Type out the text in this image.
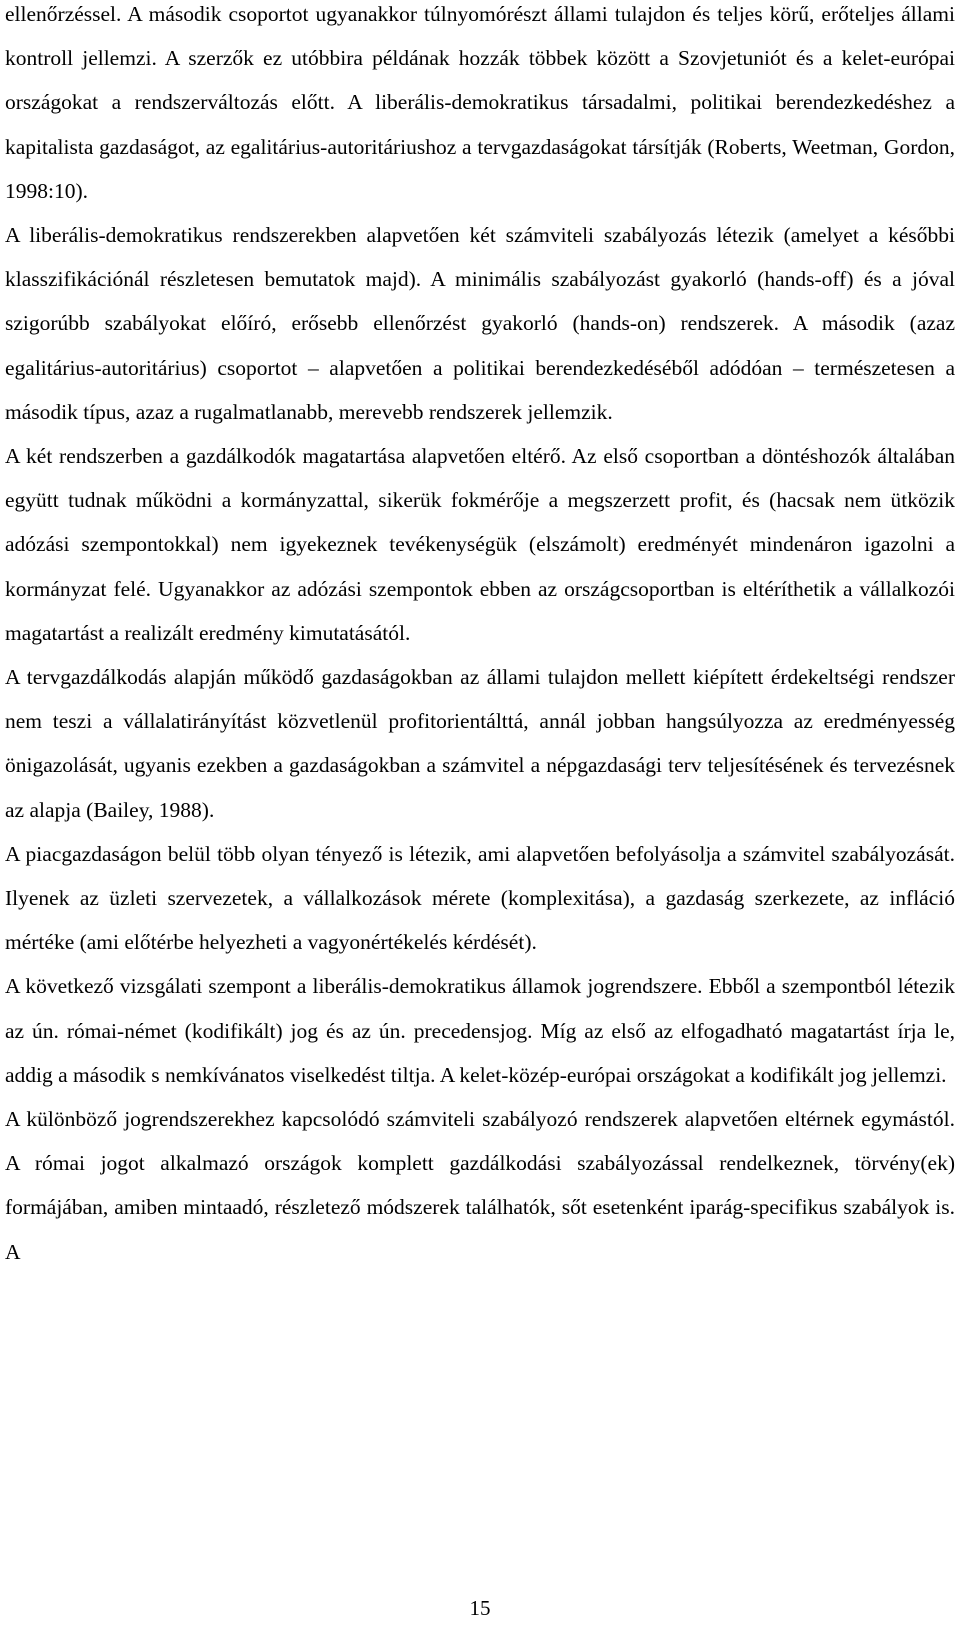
ellenőrzéssel. A második csoportot ugyanakkor túlnyomórészt állami tulajdon és teljes körű, erőteljes állami kontroll jellemzi. A szerzők ez utóbbira példának hozzák többek között a Szovjetuniót és a kelet-európai országokat a rendszerváltozás előtt. A liberális-demokratikus társadalmi, politikai berendezkedéshez a kapitalista gazdaságot, az egalitárius-autoritáriushoz a tervgazdaságokat társítják (Roberts, Weetman, Gordon, 1998:10).

A liberális-demokratikus rendszerekben alapvetően két számviteli szabályozás létezik (amelyet a későbbi klasszifikációnál részletesen bemutatok majd). A minimális szabályozást gyakorló (hands-off) és a jóval szigorúbb szabályokat előíró, erősebb ellenőrzést gyakorló (hands-on) rendszerek. A második (azaz egalitárius-autoritárius) csoportot – alapvetően a politikai berendezkedéséből adódóan – természetesen a második típus, azaz a rugalmatlanabb, merevebb rendszerek jellemzik.

A két rendszerben a gazdálkodók magatartása alapvetően eltérő. Az első csoportban a döntéshozók általában együtt tudnak működni a kormányzattal, sikerük fokmérője a megszerzett profit, és (hacsak nem ütközik adózási szempontokkal) nem igyekeznek tevékenységük (elszámolt) eredményét mindenáron igazolni a kormányzat felé. Ugyanakkor az adózási szempontok ebben az országcsoportban is eltéríthetik a vállalkozói magatartást a realizált eredmény kimutatásától.

A tervgazdálkodás alapján működő gazdaságokban az állami tulajdon mellett kiépített érdekeltségi rendszer nem teszi a vállalatirányítást közvetlenül profitorientálttá, annál jobban hangsúlyozza az eredményesség önigazolását, ugyanis ezekben a gazdaságokban a számvitel a népgazdasági terv teljesítésének és tervezésnek az alapja (Bailey, 1988).

A piacgazdaságon belül több olyan tényező is létezik, ami alapvetően befolyásolja a számvitel szabályozását. Ilyenek az üzleti szervezetek, a vállalkozások mérete (komplexitása), a gazdaság szerkezete, az infláció mértéke (ami előtérbe helyezheti a vagyonértékelés kérdését).

A következő vizsgálati szempont a liberális-demokratikus államok jogrendszere. Ebből a szempontból létezik az ún. római-német (kodifikált) jog és az ún. precedensjog. Míg az első az elfogadható magatartást írja le, addig a második s nemkívánatos viselkedést tiltja. A kelet-közép-európai országokat a kodifikált jog jellemzi.

A különböző jogrendszerekhez kapcsolódó számviteli szabályozó rendszerek alapvetően eltérnek egymástól. A római jogot alkalmazó országok komplett gazdálkodási szabályozással rendelkeznek, törvény(ek) formájában, amiben mintaadó, részletező módszerek találhatók, sőt esetenként iparág-specifikus szabályok is. A

15
